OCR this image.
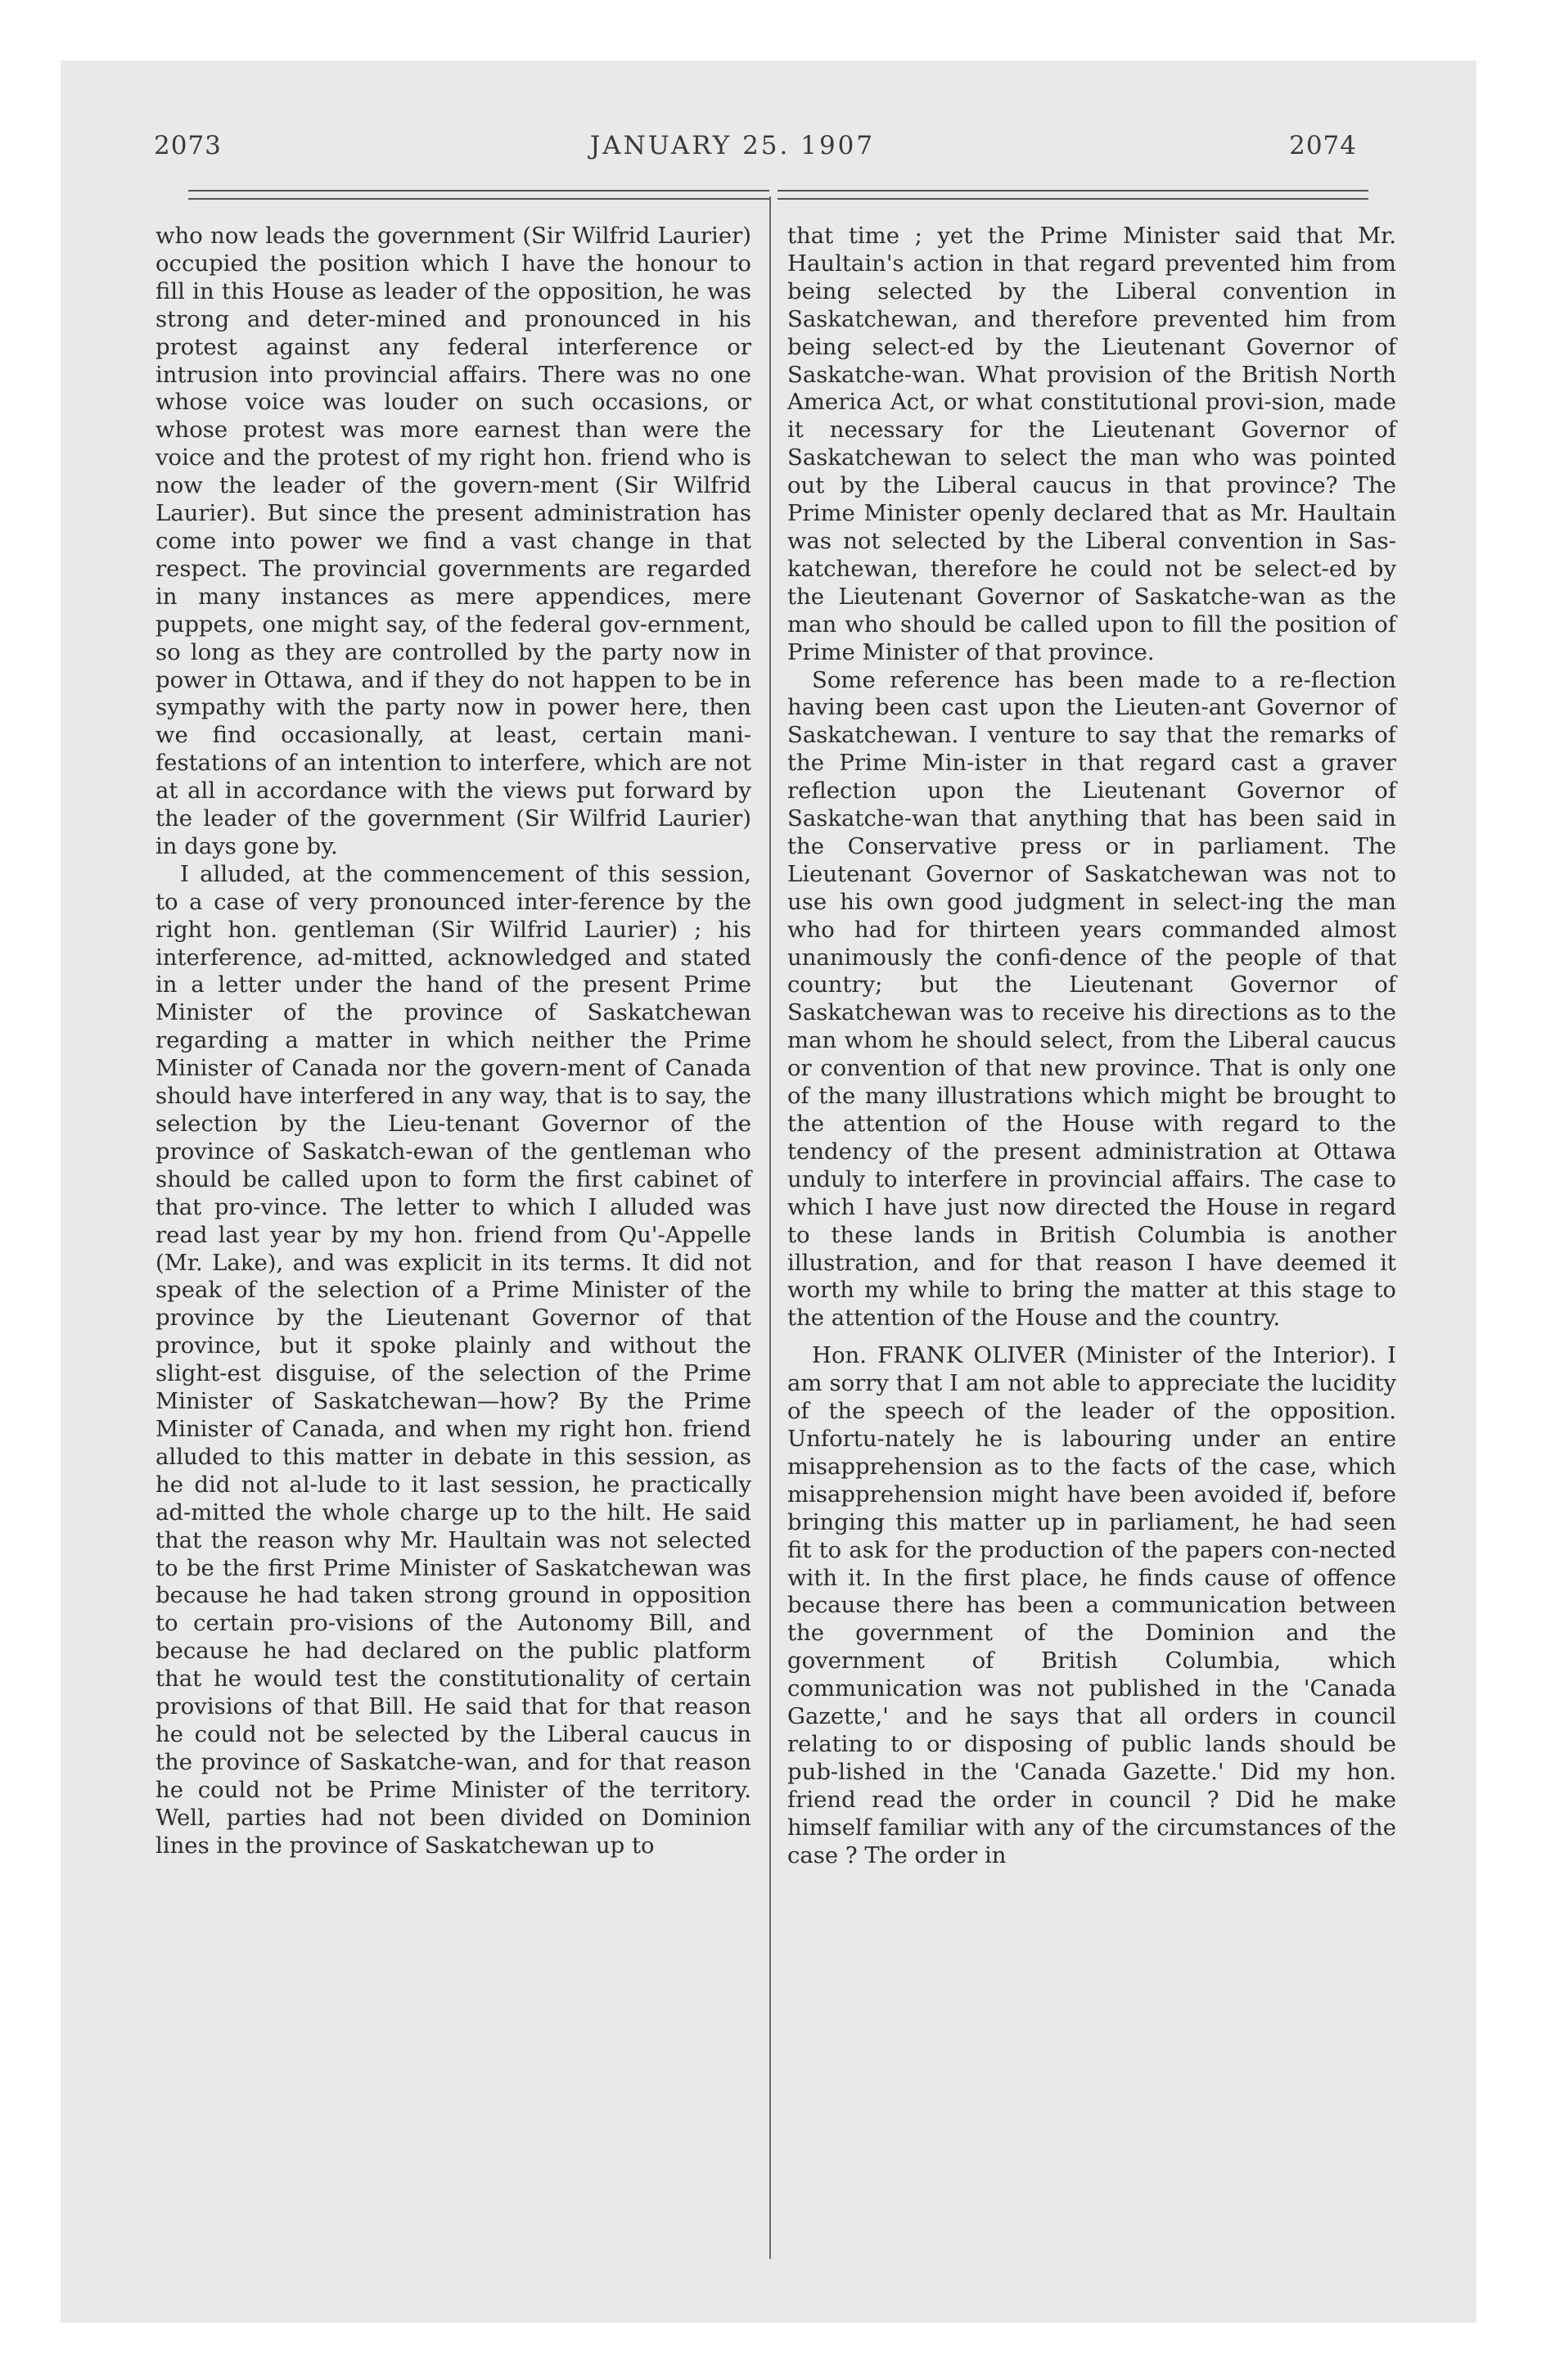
2073	JANUARY 25. 1907	2074

who now leads the government (Sir Wilfrid Laurier) occupied the position which I have the honour to fill in this House as leader of the opposition, he was strong and deter-mined and pronounced in his protest against any federal interference or intrusion into provincial affairs. There was no one whose voice was louder on such occasions, or whose protest was more earnest than were the voice and the protest of my right hon. friend who is now the leader of the govern-ment (Sir Wilfrid Laurier). But since the present administration has come into power we find a vast change in that respect. The provincial governments are regarded in many instances as mere appendices, mere puppets, one might say, of the federal gov-ernment, so long as they are controlled by the party now in power in Ottawa, and if they do not happen to be in sympathy with the party now in power here, then we find occasionally, at least, certain mani-festations of an intention to interfere, which are not at all in accordance with the views put forward by the leader of the government (Sir Wilfrid Laurier) in days gone by.

I alluded, at the commencement of this session, to a case of very pronounced inter-ference by the right hon. gentleman (Sir Wilfrid Laurier) ; his interference, ad-mitted, acknowledged and stated in a letter under the hand of the present Prime Minister of the province of Saskatchewan regarding a matter in which neither the Prime Minister of Canada nor the govern-ment of Canada should have interfered in any way, that is to say, the selection by the Lieu-tenant Governor of the province of Saskatch-ewan of the gentleman who should be called upon to form the first cabinet of that pro-vince. The letter to which I alluded was read last year by my hon. friend from Qu'-Appelle (Mr. Lake), and was explicit in its terms. It did not speak of the selection of a Prime Minister of the province by the Lieutenant Governor of that province, but it spoke plainly and without the slight-est disguise, of the selection of the Prime Minister of Saskatchewan—how? By the Prime Minister of Canada, and when my right hon. friend alluded to this matter in debate in this session, as he did not al-lude to it last session, he practically ad-mitted the whole charge up to the hilt. He said that the reason why Mr. Haultain was not selected to be the first Prime Minister of Saskatchewan was because he had taken strong ground in opposition to certain pro-visions of the Autonomy Bill, and because he had declared on the public platform that he would test the constitutionality of certain provisions of that Bill. He said that for that reason he could not be selected by the Liberal caucus in the province of Saskatche-wan, and for that reason he could not be Prime Minister of the territory. Well, parties had not been divided on Dominion lines in the province of Saskatchewan up to

that time ; yet the Prime Minister said that Mr. Haultain's action in that regard prevented him from being selected by the Liberal convention in Saskatchewan, and therefore prevented him from being select-ed by the Lieutenant Governor of Saskatche-wan. What provision of the British North America Act, or what constitutional provi-sion, made it necessary for the Lieutenant Governor of Saskatchewan to select the man who was pointed out by the Liberal caucus in that province? The Prime Minister openly declared that as Mr. Haultain was not selected by the Liberal convention in Sas-katchewan, therefore he could not be select-ed by the Lieutenant Governor of Saskatche-wan as the man who should be called upon to fill the position of Prime Minister of that province.

Some reference has been made to a re-flection having been cast upon the Lieuten-ant Governor of Saskatchewan. I venture to say that the remarks of the Prime Min-ister in that regard cast a graver reflection upon the Lieutenant Governor of Saskatche-wan that anything that has been said in the Conservative press or in parliament. The Lieutenant Governor of Saskatchewan was not to use his own good judgment in select-ing the man who had for thirteen years commanded almost unanimously the confi-dence of the people of that country; but the Lieutenant Governor of Saskatchewan was to receive his directions as to the man whom he should select, from the Liberal caucus or convention of that new province. That is only one of the many illustrations which might be brought to the attention of the House with regard to the tendency of the present administration at Ottawa unduly to interfere in provincial affairs. The case to which I have just now directed the House in regard to these lands in British Columbia is another illustration, and for that reason I have deemed it worth my while to bring the matter at this stage to the attention of the House and the country.

Hon. FRANK OLIVER (Minister of the Interior). I am sorry that I am not able to appreciate the lucidity of the speech of the leader of the opposition. Unfortu-nately he is labouring under an entire misapprehension as to the facts of the case, which misapprehension might have been avoided if, before bringing this matter up in parliament, he had seen fit to ask for the production of the papers con-nected with it. In the first place, he finds cause of offence because there has been a communication between the government of the Dominion and the government of British Columbia, which communication was not published in the 'Canada Gazette,' and he says that all orders in council relating to or disposing of public lands should be pub-lished in the 'Canada Gazette.' Did my hon. friend read the order in council ? Did he make himself familiar with any of the circumstances of the case ? The order in
